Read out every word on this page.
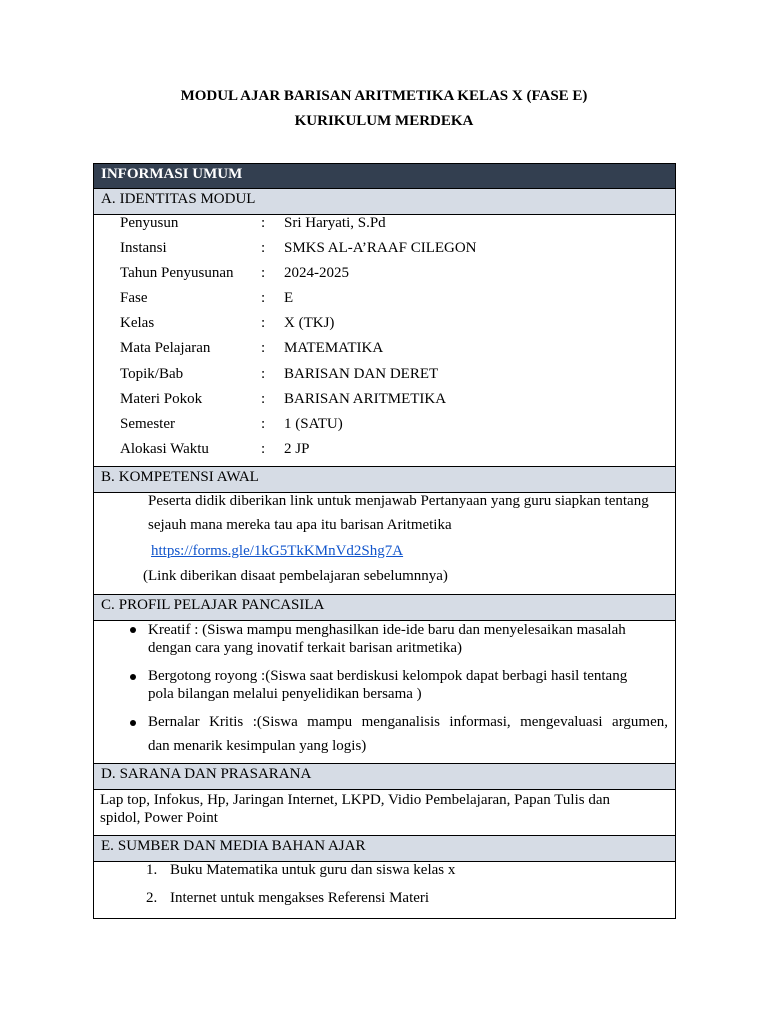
MODUL AJAR BARISAN ARITMETIKA KELAS X (FASE E)
KURIKULUM MERDEKA
INFORMASI UMUM
A. IDENTITAS MODUL
Penyusun	: Sri Haryati, S.Pd
Instansi	: SMKS AL-A’RAAF CILEGON
Tahun Penyusunan : 2024-2025
Fase	: E
Kelas	: X (TKJ)
Mata Pelajaran	: MATEMATIKA
Topik/Bab	: BARISAN DAN DERET
Materi Pokok	: BARISAN ARITMETIKA
Semester	: 1 (SATU)
Alokasi Waktu	: 2 JP
B. KOMPETENSI AWAL
Peserta didik diberikan link untuk menjawab Pertanyaan yang guru siapkan tentang
sejauh mana mereka tau apa itu barisan Aritmetika
https://forms.gle/1kG5TkKMnVd2Shg7A
(Link diberikan disaat pembelajaran sebelumnnya)
C. PROFIL PELAJAR PANCASILA
Kreatif : (Siswa mampu menghasilkan ide-ide baru dan menyelesaikan masalah
dengan cara yang inovatif terkait barisan aritmetika)
Bergotong royong :(Siswa saat berdiskusi kelompok dapat berbagi hasil tentang
pola bilangan melalui penyelidikan bersama )
Bernalar Kritis :(Siswa mampu menganalisis informasi, mengevaluasi argumen,
dan menarik kesimpulan yang logis)
D. SARANA DAN PRASARANA
Lap top, Infokus, Hp, Jaringan Internet, LKPD, Vidio Pembelajaran, Papan Tulis dan
spidol, Power Point
E. SUMBER DAN MEDIA BAHAN AJAR
1. Buku Matematika untuk guru dan siswa kelas x
2. Internet untuk mengakses Referensi Materi
